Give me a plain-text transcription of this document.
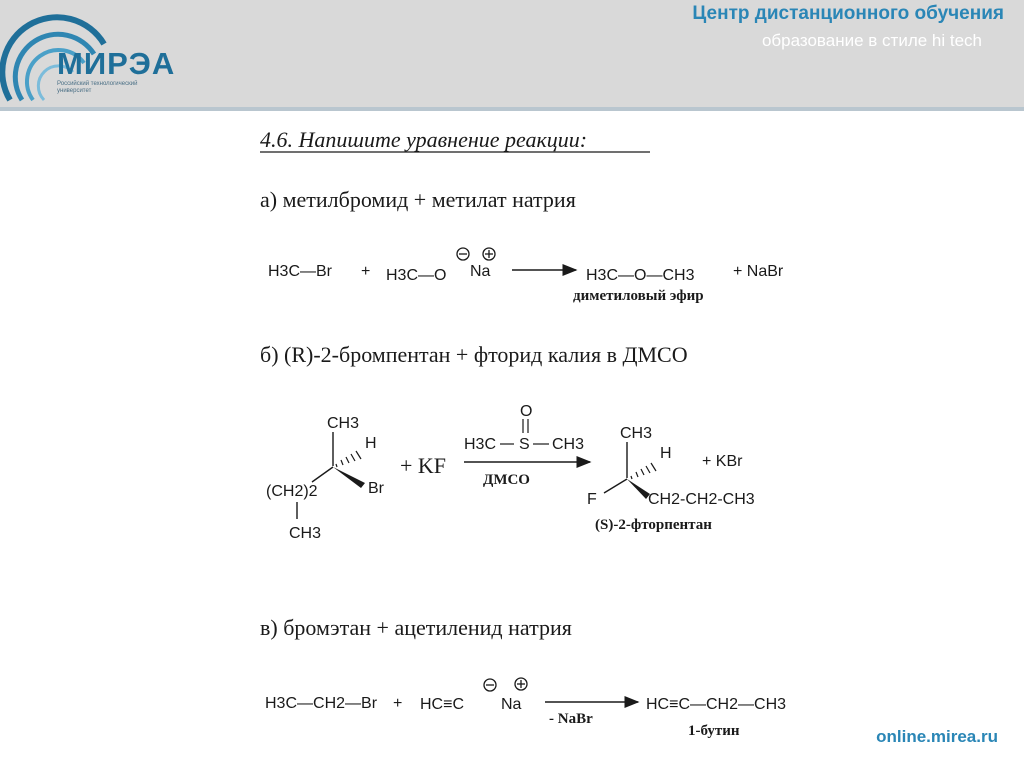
МИРЭА
Российский технологический университет
Центр дистанционного обучения
образование в стиле hi tech
4.6. Напишите уравнение реакции:
а) метилбромид + метилат натрия
H3C—Br + H3C—O Na	H3C—O—CH3 + NaBr
диметиловый эфир
б) (R)-2-бромпентан + фторид калия в ДМСО
CH3
H
Br
(CH2)2
CH3
+ KF
O
H3C S CH3
ДМСО
CH3
H
F	CH2-CH2-CH3
+ KBr
(S)-2-фторпентан
в) бромэтан + ацетиленид натрия
H3C—CH2—Br + HC≡C Na
- NaBr
HC≡C—CH2—CH3
1-бутин	online.mirea.ru
